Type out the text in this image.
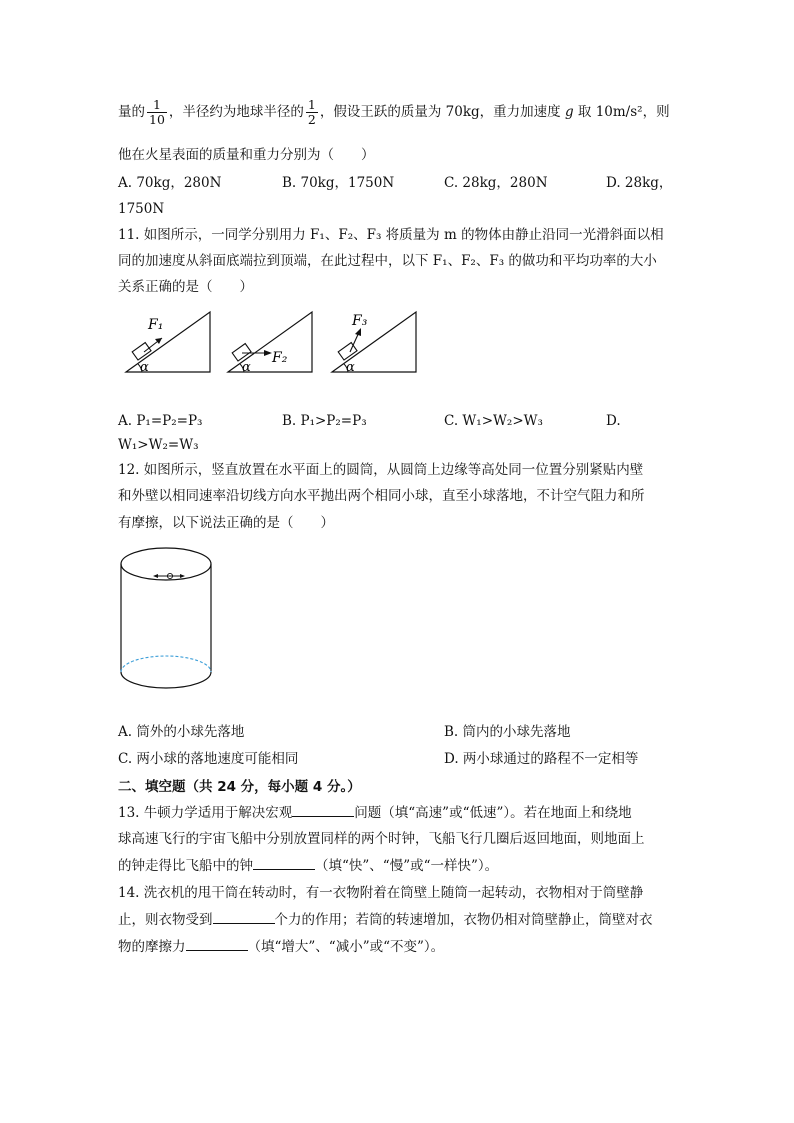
量的 $\frac{1}{10}$ ，半径约为地球半径的 $\frac{1}{2}$ ，假设王跃的质量为 70kg，重力加速度 g 取 10m/s²，则
他在火星表面的质量和重力分别为（　　）
A. 70kg，280N	B. 70kg，1750N	C. 28kg，280N	D. 28kg，
1750N
11. 如图所示，一同学分别用力 F₁、F₂、F₃ 将质量为 m 的物体由静止沿同一光滑斜面以相
同的加速度从斜面底端拉到顶端，在此过程中，以下 F₁、F₂、F₃ 的做功和平均功率的大小
关系正确的是（　　）
α
F₁
α
F₂
α
F₃
A. P₁=P₂=P₃	B. P₁>P₂=P₃	C. W₁>W₂>W₃	D.
W₁>W₂=W₃
12. 如图所示，竖直放置在水平面上的圆筒，从圆筒上边缘等高处同一位置分别紧贴内壁
和外壁以相同速率沿切线方向水平抛出两个相同小球，直至小球落地，不计空气阻力和所
有摩擦，以下说法正确的是（　　）
A. 筒外的小球先落地	B. 筒内的小球先落地
C. 两小球的落地速度可能相同	D. 两小球通过的路程不一定相等
二、填空题（共 24 分，每小题 4 分。）
13. 牛顿力学适用于解决宏观	问题（填“高速”或“低速”）。若在地面上和绕地
球高速飞行的宇宙飞船中分别放置同样的两个时钟，飞船飞行几圈后返回地面，则地面上
的钟走得比飞船中的钟	（填“快”、“慢”或“一样快”）。
14. 洗衣机的甩干筒在转动时，有一衣物附着在筒壁上随筒一起转动，衣物相对于筒壁静
止，则衣物受到	个力的作用；若筒的转速增加，衣物仍相对筒壁静止，筒壁对衣
物的摩擦力	（填“增大”、“减小”或“不变”）。
